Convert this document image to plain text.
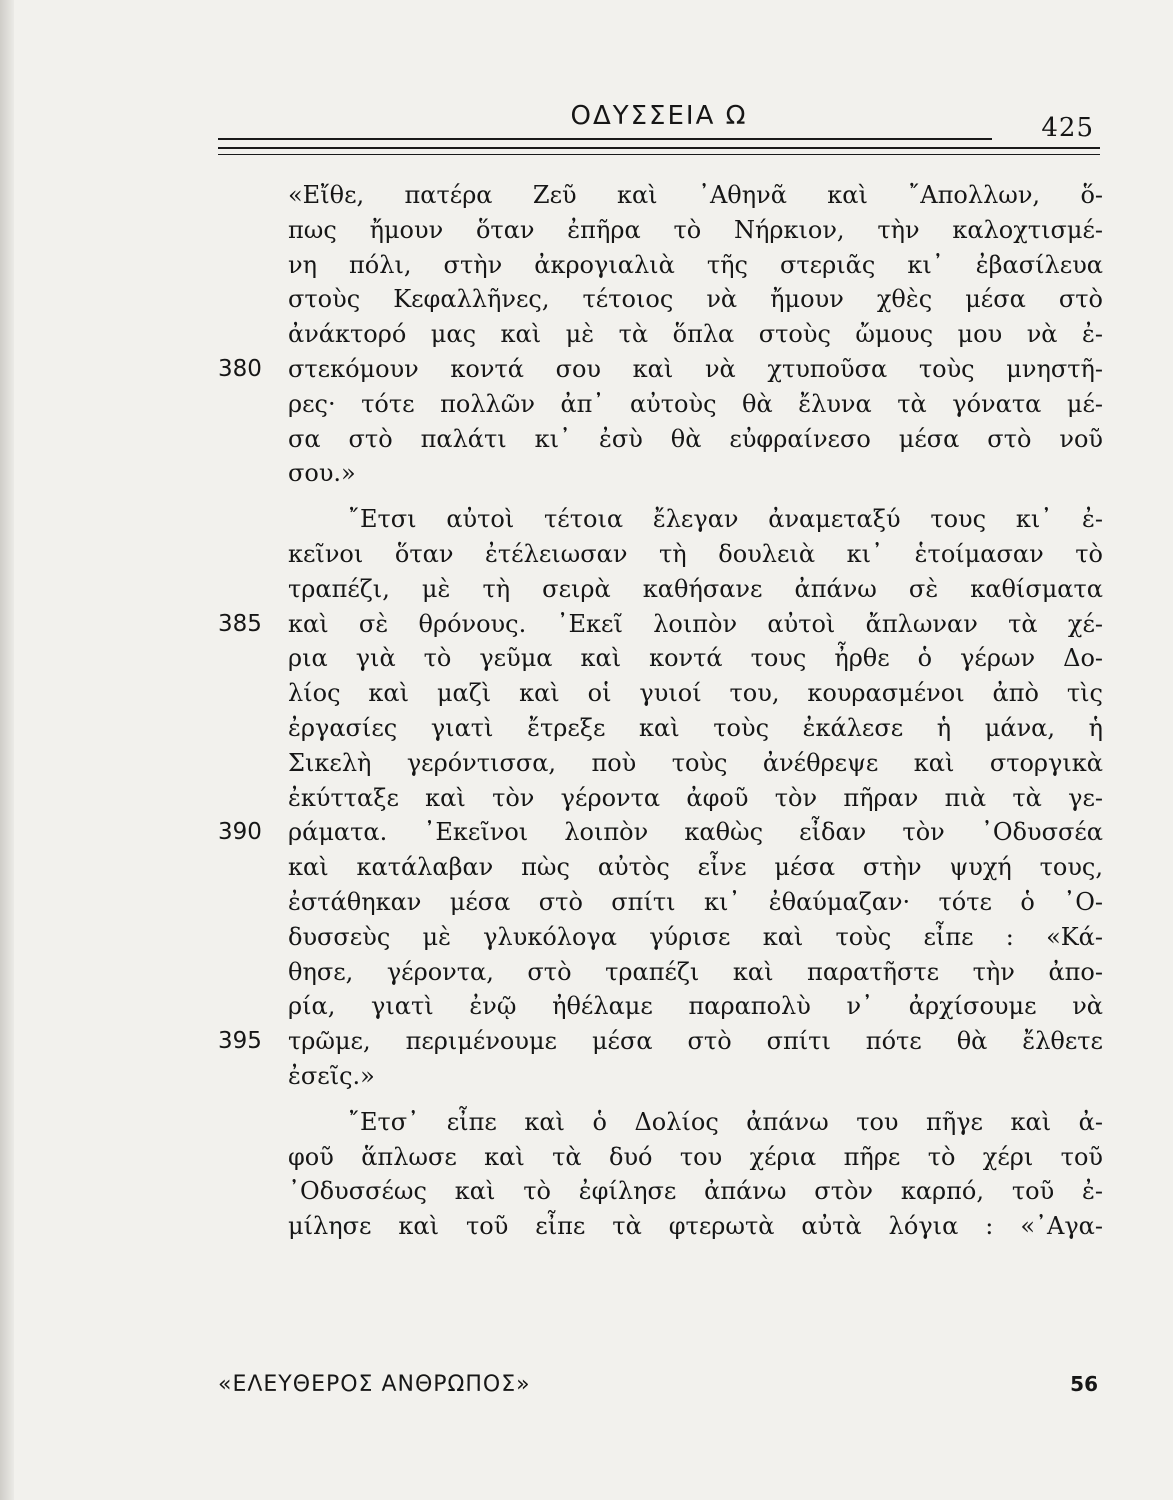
ΟΔΥΣΣΕΙΑ Ω	425
«Εἴθε, πατέρα Ζεῦ καὶ ᾿Αθηνᾶ καὶ ῎Απολλων, ὅ-
πως ἤμουν ὅταν ἐπῆρα τὸ Νήρκιον, τὴν καλοχτισμέ-
νη πόλι, στὴν ἀκρογιαλιὰ τῆς στεριᾶς κι᾿ ἐβασίλευα
στοὺς Κεφαλλῆνες, τέτοιος νὰ ἤμουν χθὲς μέσα στὸ
ἀνάκτορό μας καὶ μὲ τὰ ὅπλα στοὺς ὤμους μου νὰ ἐ-
380 στεκόμουν κοντά σου καὶ νὰ χτυποῦσα τοὺς μνηστῆ-
ρες· τότε πολλῶν ἀπ᾿ αὐτοὺς θὰ ἔλυνα τὰ γόνατα μέ-
σα στὸ παλάτι κι᾿ ἐσὺ θὰ εὐφραίνεσο μέσα στὸ νοῦ
σου.»
῎Ετσι αὐτοὶ τέτοια ἔλεγαν ἀναμεταξύ τους κι᾿ ἐ-
κεῖνοι ὅταν ἐτέλειωσαν τὴ δουλειὰ κι᾿ ἑτοίμασαν τὸ
τραπέζι, μὲ τὴ σειρὰ καθήσανε ἀπάνω σὲ καθίσματα
385 καὶ σὲ θρόνους. ᾿Εκεῖ λοιπὸν αὐτοὶ ἄπλωναν τὰ χέ-
ρια γιὰ τὸ γεῦμα καὶ κοντά τους ἦρθε ὁ γέρων Δο-
λίος καὶ μαζὶ καὶ οἱ γυιοί του, κουρασμένοι ἀπὸ τὶς
ἐργασίες γιατὶ ἔτρεξε καὶ τοὺς ἐκάλεσε ἡ μάνα, ἡ
Σικελὴ γερόντισσα, ποὺ τοὺς ἀνέθρεψε καὶ στοργικὰ
ἐκύτταξε καὶ τὸν γέροντα ἀφοῦ τὸν πῆραν πιὰ τὰ γε-
390 ράματα. ᾿Εκεῖνοι λοιπὸν καθὼς εἶδαν τὸν ᾿Οδυσσέα
καὶ κατάλαβαν πὼς αὐτὸς εἶνε μέσα στὴν ψυχή τους,
ἐστάθηκαν μέσα στὸ σπίτι κι᾿ ἐθαύμαζαν· τότε ὁ ᾿Ο-
δυσσεὺς μὲ γλυκόλογα γύρισε καὶ τοὺς εἶπε : «Κά-
θησε, γέροντα, στὸ τραπέζι καὶ παρατῆστε τὴν ἀπο-
ρία, γιατὶ ἐνῷ ἠθέλαμε παραπολὺ ν᾿ ἀρχίσουμε νὰ
395 τρῶμε, περιμένουμε μέσα στὸ σπίτι πότε θὰ ἔλθετε
ἐσεῖς.»
῎Ετσ᾿ εἶπε καὶ ὁ Δολίος ἀπάνω του πῆγε καὶ ἀ-
φοῦ ἅπλωσε καὶ τὰ δυό του χέρια πῆρε τὸ χέρι τοῦ
᾿Οδυσσέως καὶ τὸ ἐφίλησε ἀπάνω στὸν καρπό, τοῦ ἐ-
μίλησε καὶ τοῦ εἶπε τὰ φτερωτὰ αὐτὰ λόγια : «᾿Αγα-
«ΕΛΕΥΘΕΡΟΣ ΑΝΘΡΩΠΟΣ»	56
